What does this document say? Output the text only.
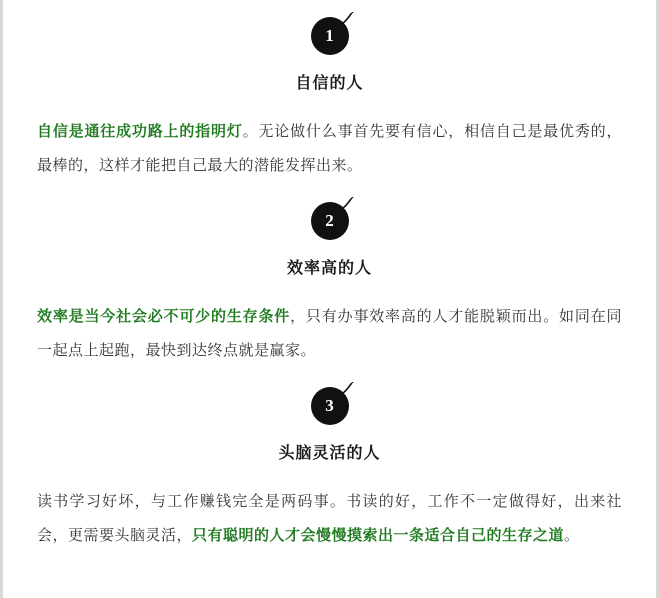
1
自信的人

自信是通往成功路上的指明灯。无论做什么事首先要有信心，相信自己是最优秀的，最棒的，这样才能把自己最大的潜能发挥出来。

2
效率高的人

效率是当今社会必不可少的生存条件，只有办事效率高的人才能脱颖而出。如同在同一起点上起跑，最快到达终点就是赢家。

3
头脑灵活的人

读书学习好坏，与工作赚钱完全是两码事。书读的好，工作不一定做得好，出来社会，更需要头脑灵活，只有聪明的人才会慢慢摸索出一条适合自己的生存之道。
